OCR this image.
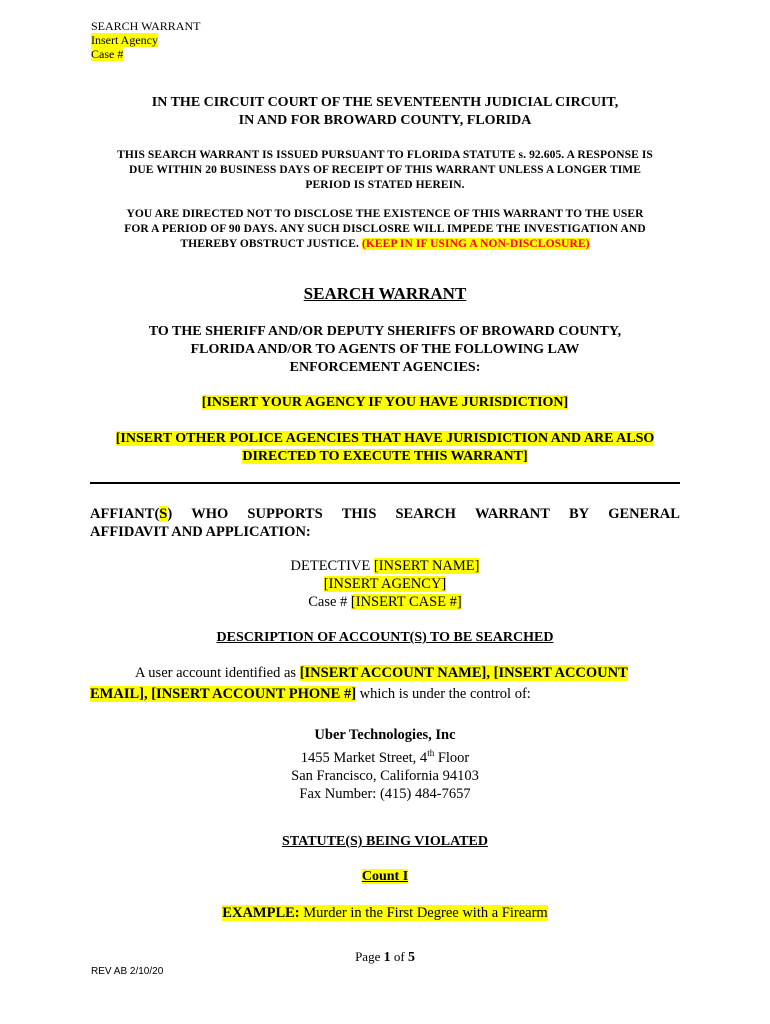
SEARCH WARRANT
Insert Agency
Case #
IN THE CIRCUIT COURT OF THE SEVENTEENTH JUDICIAL CIRCUIT,
IN AND FOR BROWARD COUNTY, FLORIDA
THIS SEARCH WARRANT IS ISSUED PURSUANT TO FLORIDA STATUTE s. 92.605. A RESPONSE IS
DUE WITHIN 20 BUSINESS DAYS OF RECEIPT OF THIS WARRANT UNLESS A LONGER TIME
PERIOD IS STATED HEREIN.
YOU ARE DIRECTED NOT TO DISCLOSE THE EXISTENCE OF THIS WARRANT TO THE USER
FOR A PERIOD OF 90 DAYS. ANY SUCH DISCLOSRE WILL IMPEDE THE INVESTIGATION AND
THEREBY OBSTRUCT JUSTICE. (KEEP IN IF USING A NON-DISCLOSURE)
SEARCH WARRANT
TO THE SHERIFF AND/OR DEPUTY SHERIFFS OF BROWARD COUNTY,
FLORIDA AND/OR TO AGENTS OF THE FOLLOWING LAW
ENFORCEMENT AGENCIES:
[INSERT YOUR AGENCY IF YOU HAVE JURISDICTION]
[INSERT OTHER POLICE AGENCIES THAT HAVE JURISDICTION AND ARE ALSO
DIRECTED TO EXECUTE THIS WARRANT]
AFFIANT(S) WHO SUPPORTS THIS SEARCH WARRANT BY GENERAL
AFFIDAVIT AND APPLICATION:
DETECTIVE [INSERT NAME]
[INSERT AGENCY]
Case # [INSERT CASE #]
DESCRIPTION OF ACCOUNT(S) TO BE SEARCHED
A user account identified as [INSERT ACCOUNT NAME], [INSERT ACCOUNT
EMAIL], [INSERT ACCOUNT PHONE #] which is under the control of:
Uber Technologies, Inc
1455 Market Street, 4th Floor
San Francisco, California 94103
Fax Number: (415) 484-7657
STATUTE(S) BEING VIOLATED
Count I
EXAMPLE: Murder in the First Degree with a Firearm
Page 1 of 5
REV AB 2/10/20
